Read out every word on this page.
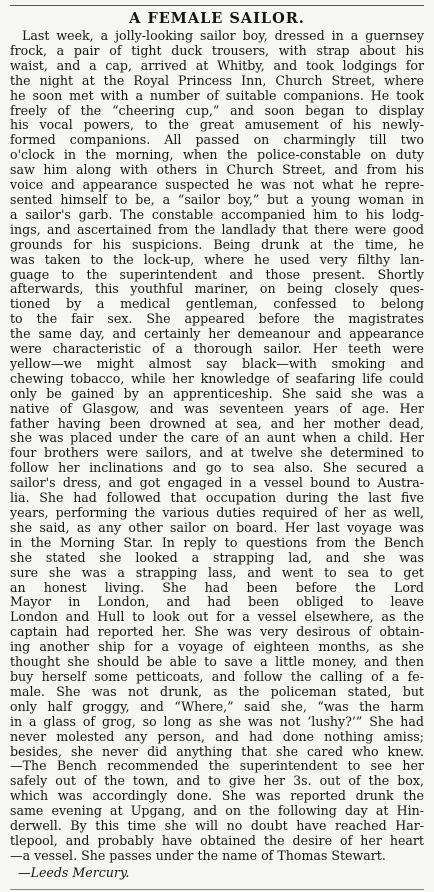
A FEMALE SAILOR.
Last week, a jolly-looking sailor boy, dressed in a guernsey
frock, a pair of tight duck trousers, with strap about his
waist, and a cap, arrived at Whitby, and took lodgings for
the night at the Royal Princess Inn, Church Street, where
he soon met with a number of suitable companions. He took
freely of the “cheering cup,” and soon began to display
his vocal powers, to the great amusement of his newly-
formed companions. All passed on charmingly till two
o'clock in the morning, when the police-constable on duty
saw him along with others in Church Street, and from his
voice and appearance suspected he was not what he repre-
sented himself to be, a “sailor boy,” but a young woman in
a sailor's garb. The constable accompanied him to his lodg-
ings, and ascertained from the landlady that there were good
grounds for his suspicions. Being drunk at the time, he
was taken to the lock-up, where he used very filthy lan-
guage to the superintendent and those present. Shortly
afterwards, this youthful mariner, on being closely ques-
tioned by a medical gentleman, confessed to belong
to the fair sex. She appeared before the magistrates
the same day, and certainly her demeanour and appearance
were characteristic of a thorough sailor. Her teeth were
yellow—we might almost say black—with smoking and
chewing tobacco, while her knowledge of seafaring life could
only be gained by an apprenticeship. She said she was a
native of Glasgow, and was seventeen years of age. Her
father having been drowned at sea, and her mother dead,
she was placed under the care of an aunt when a child. Her
four brothers were sailors, and at twelve she determined to
follow her inclinations and go to sea also. She secured a
sailor's dress, and got engaged in a vessel bound to Austra-
lia. She had followed that occupation during the last five
years, performing the various duties required of her as well,
she said, as any other sailor on board. Her last voyage was
in the Morning Star. In reply to questions from the Bench
she stated she looked a strapping lad, and she was
sure she was a strapping lass, and went to sea to get
an honest living. She had been before the Lord
Mayor in London, and had been obliged to leave
London and Hull to look out for a vessel elsewhere, as the
captain had reported her. She was very desirous of obtain-
ing another ship for a voyage of eighteen months, as she
thought she should be able to save a little money, and then
buy herself some petticoats, and follow the calling of a fe-
male. She was not drunk, as the policeman stated, but
only half groggy, and “Where,” said she, “was the harm
in a glass of grog, so long as she was not ‘lushy?’” She had
never molested any person, and had done nothing amiss;
besides, she never did anything that she cared who knew.
—The Bench recommended the superintendent to see her
safely out of the town, and to give her 3s. out of the box,
which was accordingly done. She was reported drunk the
same evening at Upgang, and on the following day at Hin-
derwell. By this time she will no doubt have reached Har-
tlepool, and probably have obtained the desire of her heart
—a vessel. She passes under the name of Thomas Stewart.
—Leeds Mercury.
